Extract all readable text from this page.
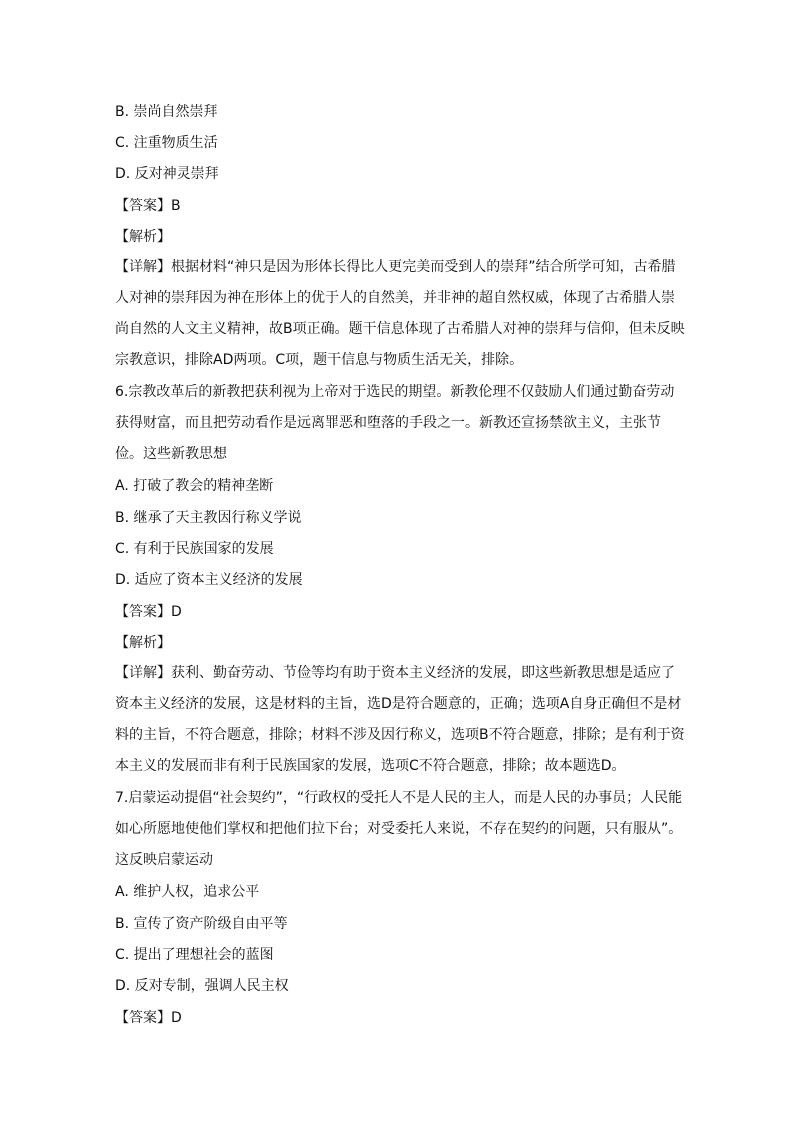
B. 崇尚自然崇拜
C. 注重物质生活
D. 反对神灵崇拜
【答案】B
【解析】
【详解】根据材料“神只是因为形体长得比人更完美而受到人的崇拜”结合所学可知，古希腊人对神的崇拜因为神在形体上的优于人的自然美，并非神的超自然权威，体现了古希腊人崇尚自然的人文主义精神，故B项正确。题干信息体现了古希腊人对神的崇拜与信仰，但未反映宗教意识，排除AD两项。C项，题干信息与物质生活无关，排除。
6.宗教改革后的新教把获利视为上帝对于选民的期望。新教伦理不仅鼓励人们通过勤奋劳动获得财富，而且把劳动看作是远离罪恶和堕落的手段之一。新教还宣扬禁欲主义，主张节俭。这些新教思想
A. 打破了教会的精神垄断
B. 继承了天主教因行称义学说
C. 有利于民族国家的发展
D. 适应了资本主义经济的发展
【答案】D
【解析】
【详解】获利、勤奋劳动、节俭等均有助于资本主义经济的发展，即这些新教思想是适应了资本主义经济的发展，这是材料的主旨，选D是符合题意的，正确；选项A自身正确但不是材料的主旨，不符合题意，排除；材料不涉及因行称义，选项B不符合题意，排除；是有利于资本主义的发展而非有利于民族国家的发展，选项C不符合题意，排除；故本题选D。
7.启蒙运动提倡“社会契约”，“行政权的受托人不是人民的主人，而是人民的办事员；人民能如心所愿地使他们掌权和把他们拉下台；对受委托人来说，不存在契约的问题，只有服从”。这反映启蒙运动
A. 维护人权，追求公平
B. 宣传了资产阶级自由平等
C. 提出了理想社会的蓝图
D. 反对专制，强调人民主权
【答案】D
